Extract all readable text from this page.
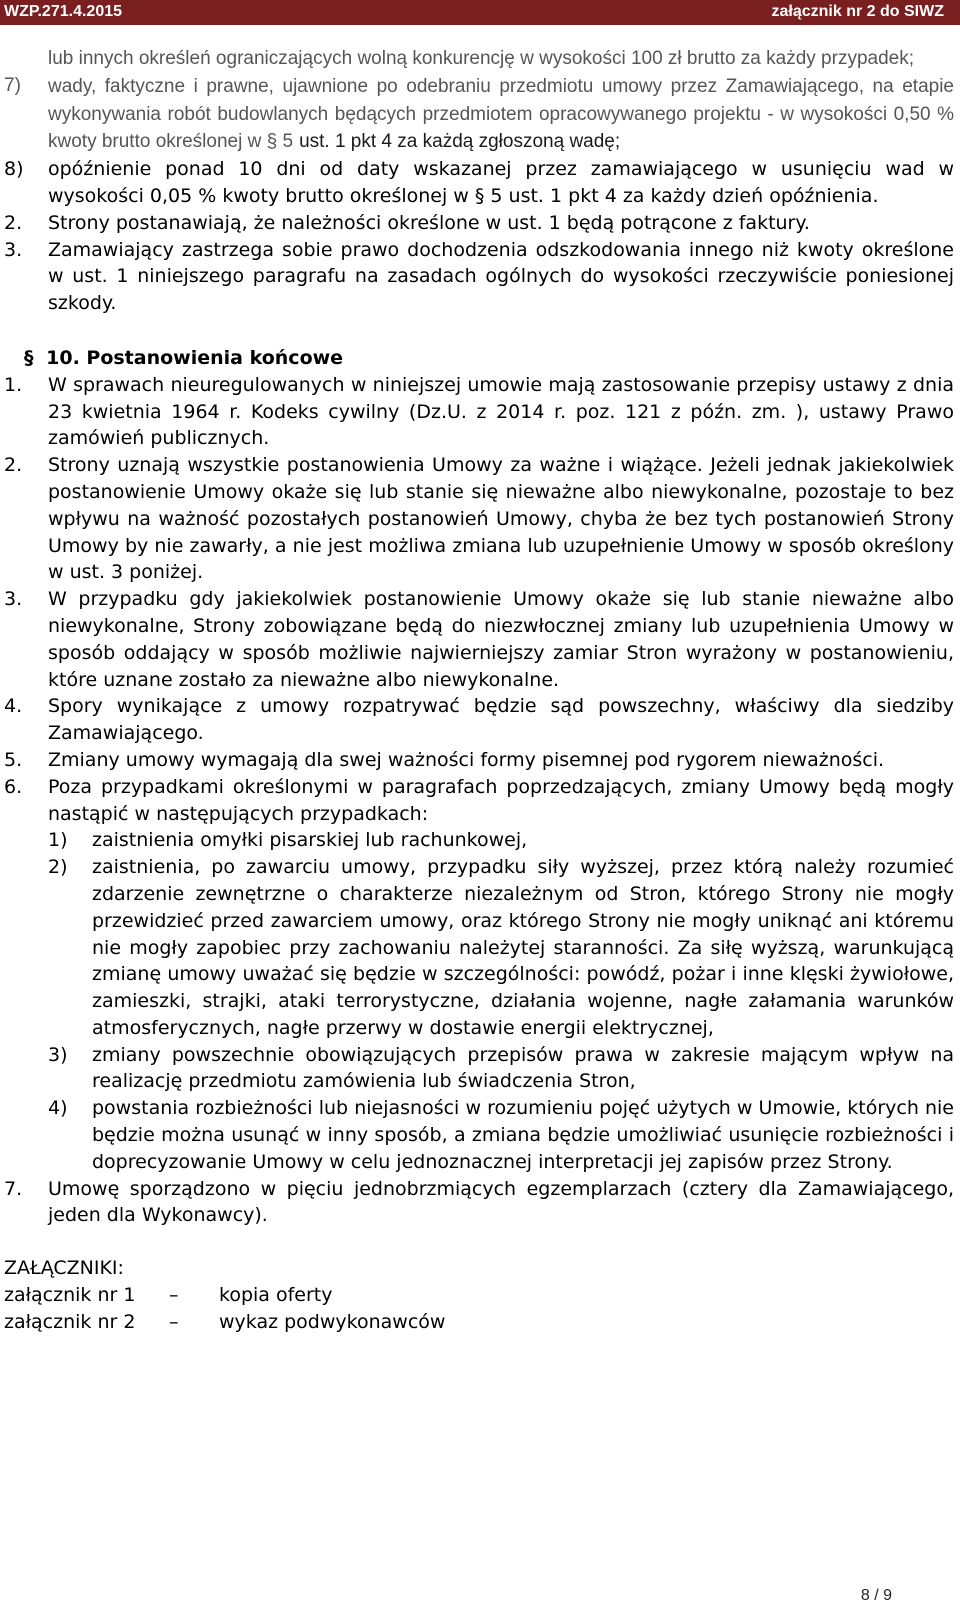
WZP.271.4.2015	załącznik nr 2 do SIWZ
lub innych określeń ograniczających wolną konkurencję w wysokości 100 zł brutto za każdy przypadek;
7)	wady, faktyczne i prawne, ujawnione po odebraniu przedmiotu umowy przez Zamawiającego, na etapie wykonywania robót budowlanych będących przedmiotem opracowywanego projektu - w wysokości 0,50 % kwoty brutto określonej w § 5 ust. 1 pkt 4 za każdą zgłoszoną wadę;
8)	opóźnienie ponad 10 dni od daty wskazanej przez zamawiającego w usunięciu wad w wysokości 0,05 % kwoty brutto określonej w § 5 ust. 1 pkt 4 za każdy dzień opóźnienia.
2.	Strony postanawiają, że należności określone w ust. 1 będą potrącone z faktury.
3.	Zamawiający zastrzega sobie prawo dochodzenia odszkodowania innego niż kwoty określone w ust. 1 niniejszego paragrafu na zasadach ogólnych do wysokości rzeczywiście poniesionej szkody.
§ 10. Postanowienia końcowe
1.	W sprawach nieuregulowanych w niniejszej umowie mają zastosowanie przepisy ustawy z dnia 23 kwietnia 1964 r. Kodeks cywilny (Dz.U. z 2014 r. poz. 121 z późn. zm. ), ustawy Prawo zamówień publicznych.
2.	Strony uznają wszystkie postanowienia Umowy za ważne i wiążące. Jeżeli jednak jakiekolwiek postanowienie Umowy okaże się lub stanie się nieważne albo niewykonalne, pozostaje to bez wpływu na ważność pozostałych postanowień Umowy, chyba że bez tych postanowień Strony Umowy by nie zawarły, a nie jest możliwa zmiana lub uzupełnienie Umowy w sposób określony w ust. 3 poniżej.
3.	W przypadku gdy jakiekolwiek postanowienie Umowy okaże się lub stanie nieważne albo niewykonalne, Strony zobowiązane będą do niezwłocznej zmiany lub uzupełnienia Umowy w sposób oddający w sposób możliwie najwierniejszy zamiar Stron wyrażony w postanowieniu, które uznane zostało za nieważne albo niewykonalne.
4.	Spory wynikające z umowy rozpatrywać będzie sąd powszechny, właściwy dla siedziby Zamawiającego.
5.	Zmiany umowy wymagają dla swej ważności formy pisemnej pod rygorem nieważności.
6.	Poza przypadkami określonymi w paragrafach poprzedzających, zmiany Umowy będą mogły nastąpić w następujących przypadkach:
1)	zaistnienia omyłki pisarskiej lub rachunkowej,
2)	zaistnienia, po zawarciu umowy, przypadku siły wyższej, przez którą należy rozumieć zdarzenie zewnętrzne o charakterze niezależnym od Stron, którego Strony nie mogły przewidzieć przed zawarciem umowy, oraz którego Strony nie mogły uniknąć ani któremu nie mogły zapobiec przy zachowaniu należytej staranności. Za siłę wyższą, warunkującą zmianę umowy uważać się będzie w szczególności: powódź, pożar i inne klęski żywiołowe, zamieszki, strajki, ataki terrorystyczne, działania wojenne, nagłe załamania warunków atmosferycznych, nagłe przerwy w dostawie energii elektrycznej,
3)	zmiany powszechnie obowiązujących przepisów prawa w zakresie mającym wpływ na realizację przedmiotu zamówienia lub świadczenia Stron,
4)	powstania rozbieżności lub niejasności w rozumieniu pojęć użytych w Umowie, których nie będzie można usunąć w inny sposób, a zmiana będzie umożliwiać usunięcie rozbieżności i doprecyzowanie Umowy w celu jednoznacznej interpretacji jej zapisów przez Strony.
7.	Umowę sporządzono w pięciu jednobrzmiących egzemplarzach (cztery dla Zamawiającego, jeden dla Wykonawcy).
ZAŁĄCZNIKI:
załącznik nr 1	–	kopia oferty
załącznik nr 2	–	wykaz podwykonawców
8 / 9
